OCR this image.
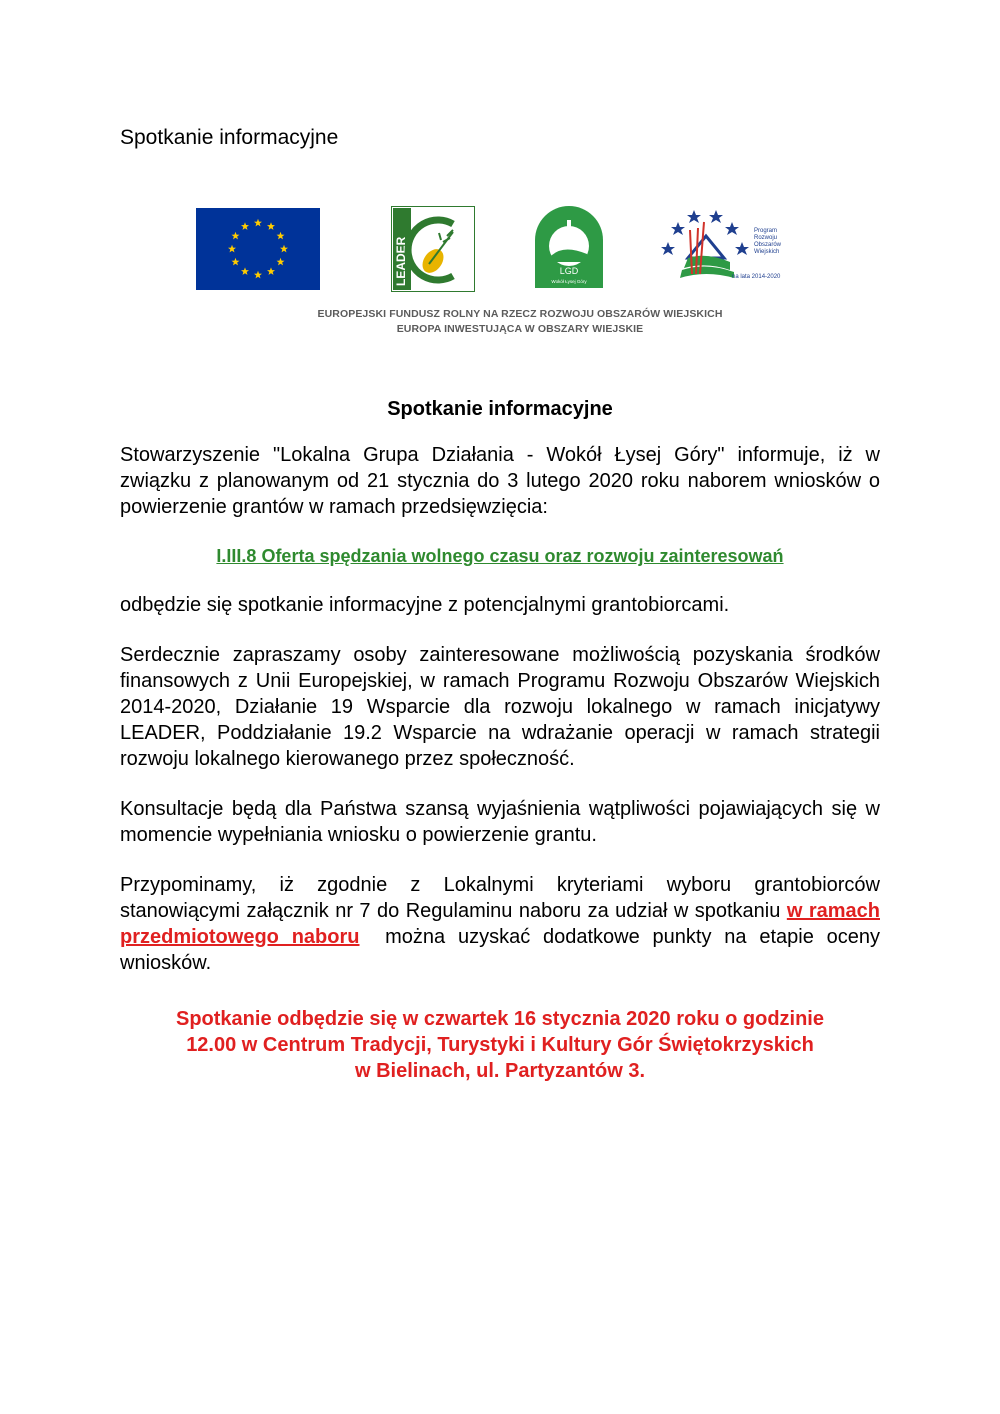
Spotkanie informacyjne
LEADER	LGD
Wokół Łysej Góry
Program
Rozwoju
Obszarów
Wiejskich
na lata 2014-2020
EUROPEJSKI FUNDUSZ ROLNY NA RZECZ ROZWOJU OBSZARÓW WIEJSKICH
EUROPA INWESTUJĄCA W OBSZARY WIEJSKIE
Spotkanie informacyjne

Stowarzyszenie "Lokalna Grupa Działania - Wokół Łysej Góry" informuje, iż w związku z planowanym od 21 stycznia do 3 lutego 2020 roku naborem wniosków o powierzenie grantów w ramach przedsięwzięcia:

I.III.8 Oferta spędzania wolnego czasu oraz rozwoju zainteresowań

odbędzie się spotkanie informacyjne z potencjalnymi grantobiorcami.

Serdecznie zapraszamy osoby zainteresowane możliwością pozyskania środków finansowych z Unii Europejskiej, w ramach Programu Rozwoju Obszarów Wiejskich 2014-2020, Działanie 19 Wsparcie dla rozwoju lokalnego w ramach inicjatywy LEADER, Poddziałanie 19.2 Wsparcie na wdrażanie operacji w ramach strategii rozwoju lokalnego kierowanego przez społeczność.

Konsultacje będą dla Państwa szansą wyjaśnienia wątpliwości pojawiających się w momencie wypełniania wniosku o powierzenie grantu.

Przypominamy, iż zgodnie z Lokalnymi kryteriami wyboru grantobiorców stanowiącymi załącznik nr 7 do Regulaminu naboru za udział w spotkaniu w ramach przedmiotowego naboru  można uzyskać dodatkowe punkty na etapie oceny wniosków.

Spotkanie odbędzie się w czwartek 16 stycznia 2020 roku o godzinie
12.00 w Centrum Tradycji, Turystyki i Kultury Gór Świętokrzyskich
w Bielinach, ul. Partyzantów 3.
